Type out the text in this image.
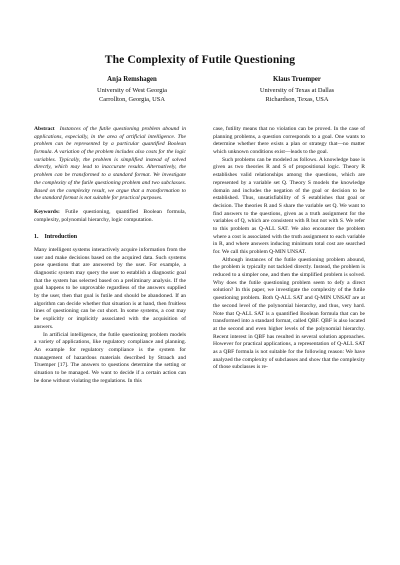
The Complexity of Futile Questioning
Anja Remshagen
University of West Georgia
Carrollton, Georgia, USA
Klaus Truemper
University of Texas at Dallas
Richardson, Texas, USA

Abstract Instances of the futile questioning problem abound in applications, especially, in the area of artificial intelligence. The problem can be represented by a particular quantified Boolean formula. A variation of the problem includes also costs for the logic variables. Typically, the problem is simplified instead of solved directly, which may lead to inaccurate results. Alternatively, the problem can be transformed to a standard format. We investigate the complexity of the futile questioning problem and two subclasses. Based on the complexity result, we argue that a transformation to the standard format is not suitable for practical purposes.

Keywords: Futile questioning, quantified Boolean formula, complexity, polynomial hierarchy, logic computation.

1. Introduction

Many intelligent systems interactively acquire information from the user and make decisions based on the acquired data. Such systems pose questions that are answered by the user. For example, a diagnostic system may query the user to establish a diagnostic goal that the system has selected based on a preliminary analysis. If the goal happens to be unprovable regardless of the answers supplied by the user, then that goal is futile and should be abandoned. If an algorithm can decide whether that situation is at hand, then fruitless lines of questioning can be cut short. In some systems, a cost may be explicitly or implicitly associated with the acquisition of answers.

In artificial intelligence, the futile questioning problem models a variety of applications, like regulatory compliance and planning. An example for regulatory compliance is the system for management of hazardous materials described by Straach and Truemper [17]. The answers to questions determine the setting or situation to be managed. We want to decide if a certain action can be done without violating the regulations. In this

case, futility means that no violation can be proved. In the case of planning problems, a question corresponds to a goal. One wants to determine whether there exists a plan or strategy that—no matter which unknown conditions exist—leads to the goal.

Such problems can be modeled as follows. A knowledge base is given as two theories R and S of propositional logic. Theory R establishes valid relationships among the questions, which are represented by a variable set Q. Theory S models the knowledge domain and includes the negation of the goal or decision to be established. Thus, unsatisfiability of S establishes that goal or decision. The theories R and S share the variable set Q. We want to find answers to the questions, given as a truth assignment for the variables of Q, which are consistent with R but not with S. We refer to this problem as Q-ALL SAT. We also encounter the problem where a cost is associated with the truth assignment to each variable in R, and where answers inducing minimum total cost are searched for. We call this problem Q-MIN UNSAT.

Although instances of the futile questioning problem abound, the problem is typically not tackled directly. Instead, the problem is reduced to a simpler one, and then the simplified problem is solved. Why does the futile questioning problem seem to defy a direct solution? In this paper, we investigate the complexity of the futile questioning problem. Both Q-ALL SAT and Q-MIN UNSAT are at the second level of the polynomial hierarchy, and thus, very hard. Note that Q-ALL SAT is a quantified Boolean formula that can be transformed into a standard format, called QBF. QBF is also located at the second and even higher levels of the polynomial hierarchy. Recent interest in QBF has resulted in several solution approaches. However for practical applications, a representation of Q-ALL SAT as a QBF formula is not suitable for the following reason: We have analyzed the complexity of subclasses and show that the complexity of those subclasses is re-
